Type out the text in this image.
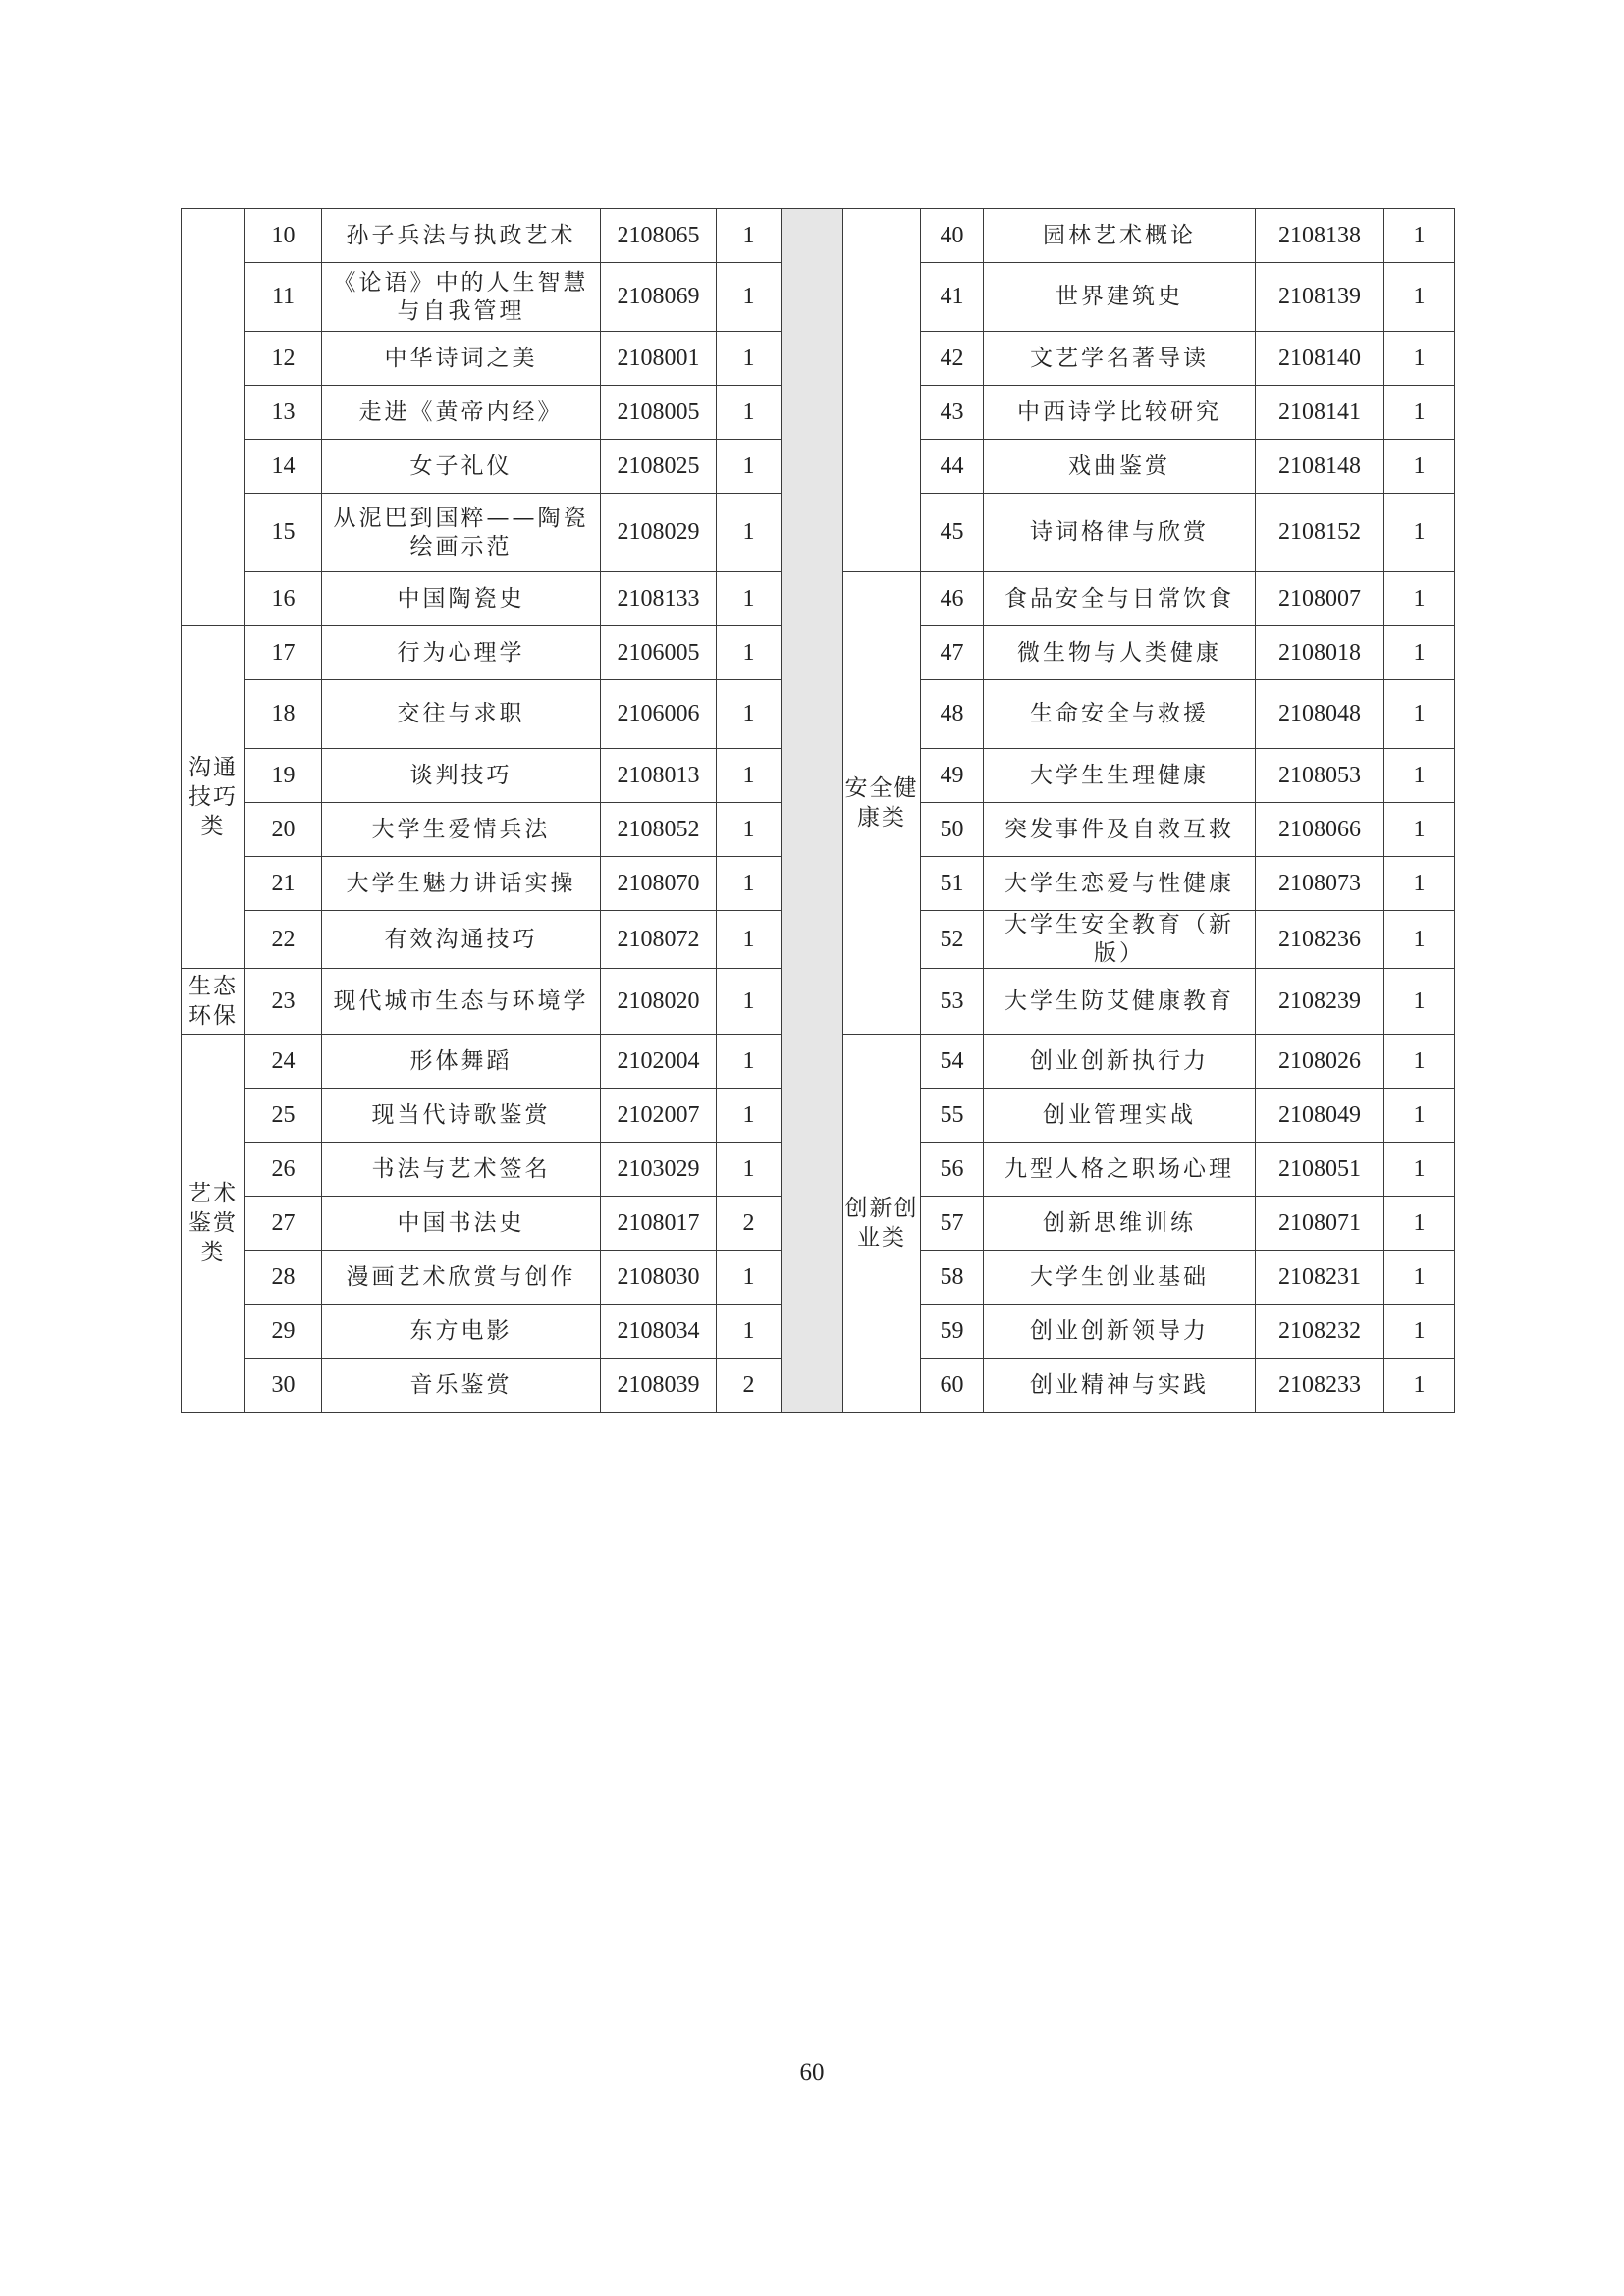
	10	孙子兵法与执政艺术	2108065	1			40	园林艺术概论	2108138	1
	11	《论语》中的人生智慧与自我管理	2108069	1			41	世界建筑史	2108139	1
	12	中华诗词之美	2108001	1			42	文艺学名著导读	2108140	1
	13	走进《黄帝内经》	2108005	1			43	中西诗学比较研究	2108141	1
	14	女子礼仪	2108025	1			44	戏曲鉴赏	2108148	1
	15	从泥巴到国粹——陶瓷绘画示范	2108029	1			45	诗词格律与欣赏	2108152	1
	16	中国陶瓷史	2108133	1		安全健康类	46	食品安全与日常饮食	2108007	1
沟通技巧类	17	行为心理学	2106005	1			47	微生物与人类健康	2108018	1
	18	交往与求职	2106006	1			48	生命安全与救援	2108048	1
	19	谈判技巧	2108013	1			49	大学生生理健康	2108053	1
	20	大学生爱情兵法	2108052	1			50	突发事件及自救互救	2108066	1
	21	大学生魅力讲话实操	2108070	1			51	大学生恋爱与性健康	2108073	1
	22	有效沟通技巧	2108072	1			52	大学生安全教育（新版）	2108236	1
生态环保	23	现代城市生态与环境学	2108020	1			53	大学生防艾健康教育	2108239	1
艺术鉴赏类	24	形体舞蹈	2102004	1		创新创业类	54	创业创新执行力	2108026	1
	25	现当代诗歌鉴赏	2102007	1			55	创业管理实战	2108049	1
	26	书法与艺术签名	2103029	1			56	九型人格之职场心理	2108051	1
	27	中国书法史	2108017	2			57	创新思维训练	2108071	1
	28	漫画艺术欣赏与创作	2108030	1			58	大学生创业基础	2108231	1
	29	东方电影	2108034	1			59	创业创新领导力	2108232	1
	30	音乐鉴赏	2108039	2			60	创业精神与实践	2108233	1
60
